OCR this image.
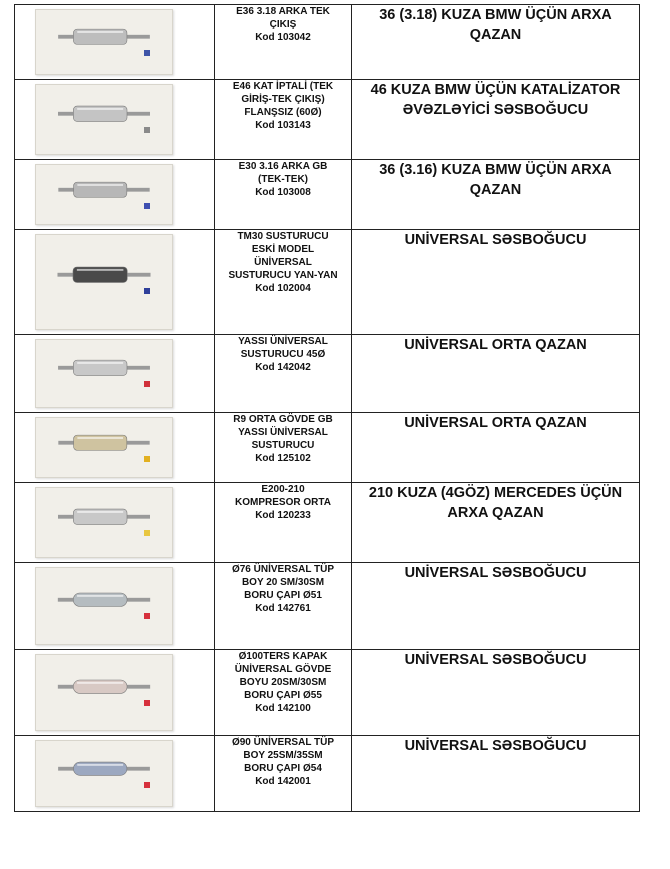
E36 3.18 ARKA TEK
ÇIKIŞ
Kod 103042	36 (3.18) KUZA BMW ÜÇÜN ARXA QAZAN

E46 KAT İPTALİ (TEK
GİRİŞ-TEK ÇIKIŞ)
FLANŞSIZ (60Ø)
Kod 103143	46 KUZA BMW ÜÇÜN KATALİZATOR ƏVƏZLƏYİCİ SƏSBOĞUCU

E30 3.16 ARKA GB
(TEK-TEK)
Kod 103008	36 (3.16) KUZA BMW ÜÇÜN ARXA QAZAN

TM30 SUSTURUCU
ESKİ MODEL
ÜNİVERSAL
SUSTURUCU YAN-YAN
Kod 102004	UNİVERSAL SƏSBOĞUCU

YASSI ÜNİVERSAL
SUSTURUCU 45Ø
Kod 142042	UNİVERSAL ORTA QAZAN

R9 ORTA GÖVDE GB
YASSI ÜNİVERSAL
SUSTURUCU
Kod 125102	UNİVERSAL ORTA QAZAN

E200-210
KOMPRESOR ORTA
Kod 120233	210 KUZA (4GÖZ) MERCEDES ÜÇÜN ARXA QAZAN

Ø76 ÜNİVERSAL TÜP
BOY 20 SM/30SM
BORU ÇAPI Ø51
Kod 142761	UNİVERSAL SƏSBOĞUCU

Ø100TERS KAPAK
ÜNİVERSAL GÖVDE
BOYU 20SM/30SM
BORU ÇAPI Ø55
Kod 142100	UNİVERSAL SƏSBOĞUCU

Ø90 ÜNİVERSAL TÜP
BOY 25SM/35SM
BORU ÇAPI Ø54
Kod 142001	UNİVERSAL SƏSBOĞUCU
